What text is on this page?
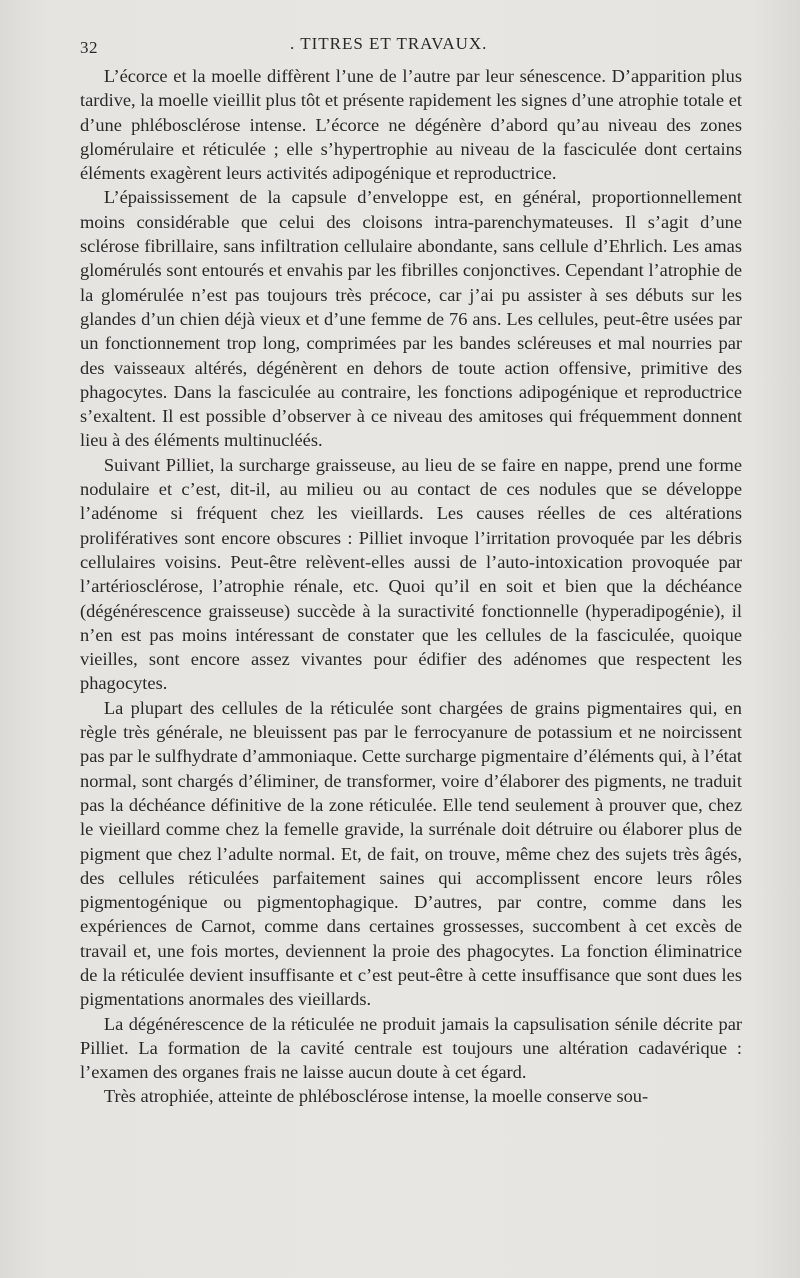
32	. TITRES ET TRAVAUX.

L’écorce et la moelle diffèrent l’une de l’autre par leur sénescence. D’apparition plus tardive, la moelle vieillit plus tôt et présente rapidement les signes d’une atrophie totale et d’une phlébosclérose intense. L’écorce ne dégénère d’abord qu’au niveau des zones glomérulaire et réticulée ; elle s’hypertrophie au niveau de la fasciculée dont certains éléments exagèrent leurs activités adipogénique et reproductrice.

L’épaississement de la capsule d’enveloppe est, en général, proportionnellement moins considérable que celui des cloisons intra-parenchymateuses. Il s’agit d’une sclérose fibrillaire, sans infiltration cellulaire abondante, sans cellule d’Ehrlich. Les amas glomérulés sont entourés et envahis par les fibrilles conjonctives. Cependant l’atrophie de la glomérulée n’est pas toujours très précoce, car j’ai pu assister à ses débuts sur les glandes d’un chien déjà vieux et d’une femme de 76 ans. Les cellules, peut-être usées par un fonctionnement trop long, comprimées par les bandes scléreuses et mal nourries par des vaisseaux altérés, dégénèrent en dehors de toute action offensive, primitive des phagocytes. Dans la fasciculée au contraire, les fonctions adipogénique et reproductrice s’exaltent. Il est possible d’observer à ce niveau des amitoses qui fréquemment donnent lieu à des éléments multinucléés.

Suivant Pilliet, la surcharge graisseuse, au lieu de se faire en nappe, prend une forme nodulaire et c’est, dit-il, au milieu ou au contact de ces nodules que se développe l’adénome si fréquent chez les vieillards. Les causes réelles de ces altérations prolifératives sont encore obscures : Pilliet invoque l’irritation provoquée par les débris cellulaires voisins. Peut-être relèvent-elles aussi de l’auto-intoxication provoquée par l’artériosclérose, l’atrophie rénale, etc. Quoi qu’il en soit et bien que la déchéance (dégénérescence graisseuse) succède à la suractivité fonctionnelle (hyperadipogénie), il n’en est pas moins intéressant de constater que les cellules de la fasciculée, quoique vieilles, sont encore assez vivantes pour édifier des adénomes que respectent les phagocytes.

La plupart des cellules de la réticulée sont chargées de grains pigmentaires qui, en règle très générale, ne bleuissent pas par le ferrocyanure de potassium et ne noircissent pas par le sulfhydrate d’ammoniaque. Cette surcharge pigmentaire d’éléments qui, à l’état normal, sont chargés d’éliminer, de transformer, voire d’élaborer des pigments, ne traduit pas la déchéance définitive de la zone réticulée. Elle tend seulement à prouver que, chez le vieillard comme chez la femelle gravide, la surrénale doit détruire ou élaborer plus de pigment que chez l’adulte normal. Et, de fait, on trouve, même chez des sujets très âgés, des cellules réticulées parfaitement saines qui accomplissent encore leurs rôles pigmentogénique ou pigmentophagique. D’autres, par contre, comme dans les expériences de Carnot, comme dans certaines grossesses, succombent à cet excès de travail et, une fois mortes, deviennent la proie des phagocytes. La fonction éliminatrice de la réticulée devient insuffisante et c’est peut-être à cette insuffisance que sont dues les pigmentations anormales des vieillards.

La dégénérescence de la réticulée ne produit jamais la capsulisation sénile décrite par Pilliet. La formation de la cavité centrale est toujours une altération cadavérique : l’examen des organes frais ne laisse aucun doute à cet égard.

Très atrophiée, atteinte de phlébosclérose intense, la moelle conserve sou-
